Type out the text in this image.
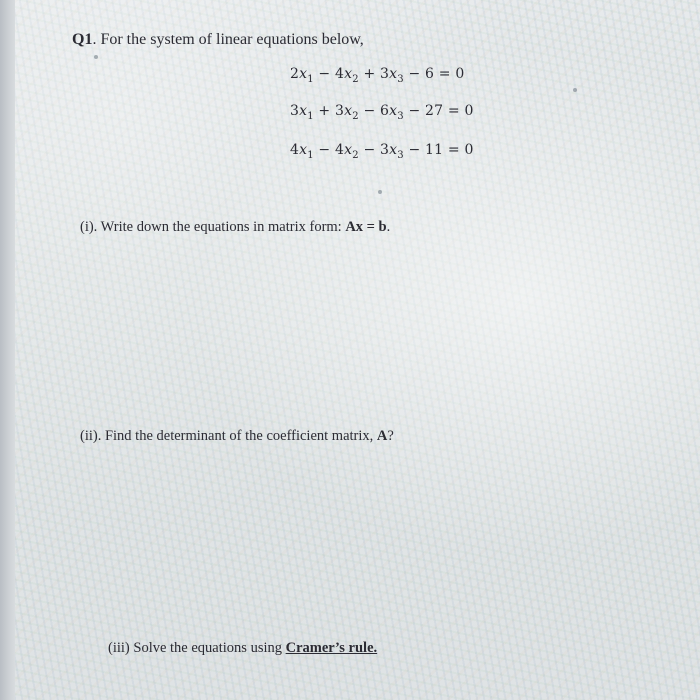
Q1. For the system of linear equations below,
$2x_1 - 4x_2 + 3x_3 - 6 = 0$
$3x_1 + 3x_2 - 6x_3 - 27 = 0$
$4x_1 - 4x_2 - 3x_3 - 11 = 0$
(i). Write down the equations in matrix form: Ax = b.
(ii). Find the determinant of the coefficient matrix, A?
(iii) Solve the equations using Cramer’s rule.
